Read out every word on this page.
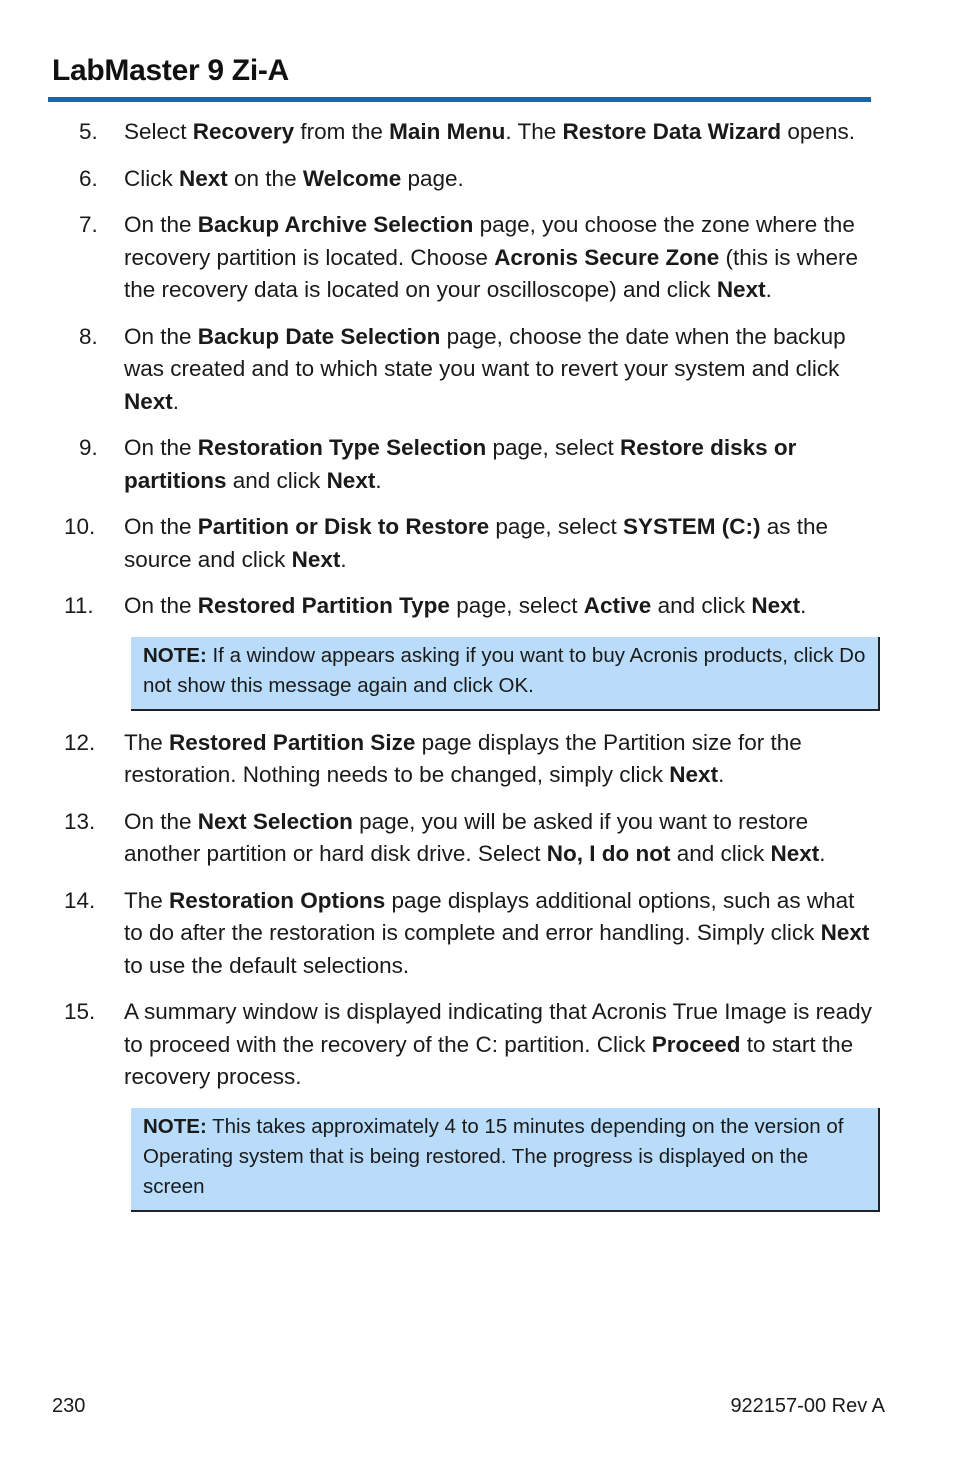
LabMaster 9 Zi-A
5.	Select Recovery from the Main Menu. The Restore Data Wizard opens.
6.	Click Next on the Welcome page.
7.	On the Backup Archive Selection page, you choose the zone where the recovery partition is located. Choose Acronis Secure Zone (this is where the recovery data is located on your oscilloscope) and click Next.
8.	On the Backup Date Selection page, choose the date when the backup was created and to which state you want to revert your system and click Next.
9.	On the Restoration Type Selection page, select Restore disks or partitions and click Next.
10.	On the Partition or Disk to Restore page, select SYSTEM (C:) as the source and click Next.
11.	On the Restored Partition Type page, select Active and click Next.
NOTE: If a window appears asking if you want to buy Acronis products, click Do not show this message again and click OK.
12.	The Restored Partition Size page displays the Partition size for the restoration. Nothing needs to be changed, simply click Next.
13.	On the Next Selection page, you will be asked if you want to restore another partition or hard disk drive. Select No, I do not and click Next.
14.	The Restoration Options page displays additional options, such as what to do after the restoration is complete and error handling. Simply click Next to use the default selections.
15.	A summary window is displayed indicating that Acronis True Image is ready to proceed with the recovery of the C: partition. Click Proceed to start the recovery process.
NOTE: This takes approximately 4 to 15 minutes depending on the version of Operating system that is being restored. The progress is displayed on the screen
230	922157-00 Rev A
